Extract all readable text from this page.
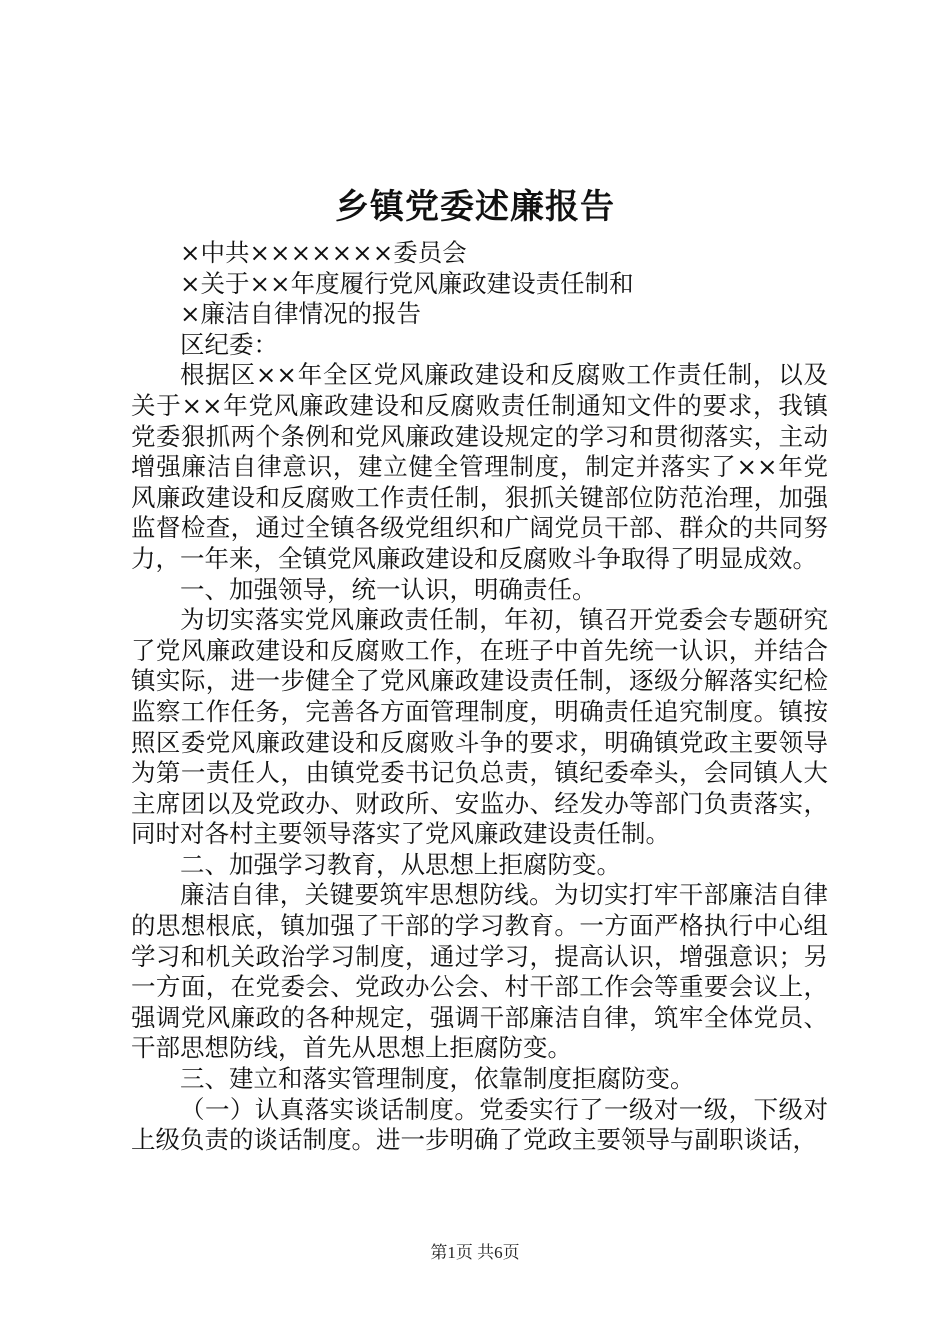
乡镇党委述廉报告

×中共×××××××委员会

×关于××年度履行党风廉政建设责任制和

×廉洁自律情况的报告

区纪委：

根据区××年全区党风廉政建设和反腐败工作责任制，以及关于××年党风廉政建设和反腐败责任制通知文件的要求，我镇党委狠抓两个条例和党风廉政建设规定的学习和贯彻落实，主动增强廉洁自律意识，建立健全管理制度，制定并落实了××年党风廉政建设和反腐败工作责任制，狠抓关键部位防范治理，加强监督检查，通过全镇各级党组织和广阔党员干部、群众的共同努力，一年来，全镇党风廉政建设和反腐败斗争取得了明显成效。

一、加强领导，统一认识，明确责任。

为切实落实党风廉政责任制，年初，镇召开党委会专题研究了党风廉政建设和反腐败工作，在班子中首先统一认识，并结合镇实际，进一步健全了党风廉政建设责任制，逐级分解落实纪检监察工作任务，完善各方面管理制度，明确责任追究制度。镇按照区委党风廉政建设和反腐败斗争的要求，明确镇党政主要领导为第一责任人，由镇党委书记负总责，镇纪委牵头，会同镇人大主席团以及党政办、财政所、安监办、经发办等部门负责落实，同时对各村主要领导落实了党风廉政建设责任制。

二、加强学习教育，从思想上拒腐防变。

廉洁自律，关键要筑牢思想防线。为切实打牢干部廉洁自律的思想根底，镇加强了干部的学习教育。一方面严格执行中心组学习和机关政治学习制度，通过学习，提高认识，增强意识；另一方面，在党委会、党政办公会、村干部工作会等重要会议上，强调党风廉政的各种规定，强调干部廉洁自律，筑牢全体党员、干部思想防线，首先从思想上拒腐防变。

三、建立和落实管理制度，依靠制度拒腐防变。

（一）认真落实谈话制度。党委实行了一级对一级，下级对上级负责的谈话制度。进一步明确了党政主要领导与副职谈话，

第1页 共6页
